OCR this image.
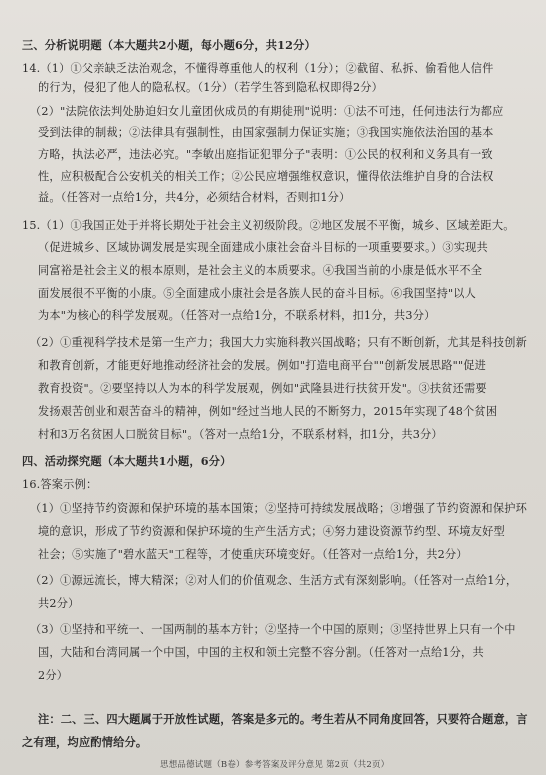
三、分析说明题（本大题共2小题，每小题6分，共12分）
14.（1）①父亲缺乏法治观念，不懂得尊重他人的权利（1分）；②截留、私拆、偷看他人信件
的行为，侵犯了他人的隐私权。（1分）（若学生答到隐私权即得2分）
（2）"法院依法判处胁迫妇女儿童团伙成员的有期徒刑"说明：①法不可违，任何违法行为都应
受到法律的制裁；②法律具有强制性，由国家强制力保证实施；③我国实施依法治国的基本
方略，执法必严，违法必究。"李敏出庭指证犯罪分子"表明：①公民的权利和义务具有一致
性，应积极配合公安机关的相关工作；②公民应增强维权意识，懂得依法维护自身的合法权
益。（任答对一点给1分，共4分，必须结合材料，否则扣1分）
15.（1）①我国正处于并将长期处于社会主义初级阶段。②地区发展不平衡，城乡、区域差距大。
（促进城乡、区域协调发展是实现全面建成小康社会奋斗目标的一项重要要求。）③实现共
同富裕是社会主义的根本原则，是社会主义的本质要求。④我国当前的小康是低水平不全
面发展很不平衡的小康。⑤全面建成小康社会是各族人民的奋斗目标。⑥我国坚持"以人
为本"为核心的科学发展观。（任答对一点给1分，不联系材料，扣1分，共3分）
（2）①重视科学技术是第一生产力；我国大力实施科教兴国战略；只有不断创新，尤其是科技创新
和教育创新，才能更好地推动经济社会的发展。例如"打造电商平台""创新发展思路""促进
教育投资"。②要坚持以人为本的科学发展观，例如"武隆县进行扶贫开发"。③扶贫还需要
发扬艰苦创业和艰苦奋斗的精神，例如"经过当地人民的不断努力，2015年实现了48个贫困
村和3万名贫困人口脱贫目标"。（答对一点给1分，不联系材料，扣1分，共3分）
四、活动探究题（本大题共1小题，6分）
16.答案示例：
（1）①坚持节约资源和保护环境的基本国策；②坚持可持续发展战略；③增强了节约资源和保护环
境的意识，形成了节约资源和保护环境的生产生活方式；④努力建设资源节约型、环境友好型
社会；⑤实施了"碧水蓝天"工程等，才使重庆环境变好。（任答对一点给1分，共2分）
（2）①源远流长，博大精深；②对人们的价值观念、生活方式有深刻影响。（任答对一点给1分，
共2分）
（3）①坚持和平统一、一国两制的基本方针；②坚持一个中国的原则；③坚持世界上只有一个中
国，大陆和台湾同属一个中国，中国的主权和领土完整不容分割。（任答对一点给1分，共
2分）
注：二、三、四大题属于开放性试题，答案是多元的。考生若从不同角度回答，只要符合题意，言
之有理，均应酌情给分。
思想品德试题（B卷）参考答案及评分意见 第2页（共2页）
